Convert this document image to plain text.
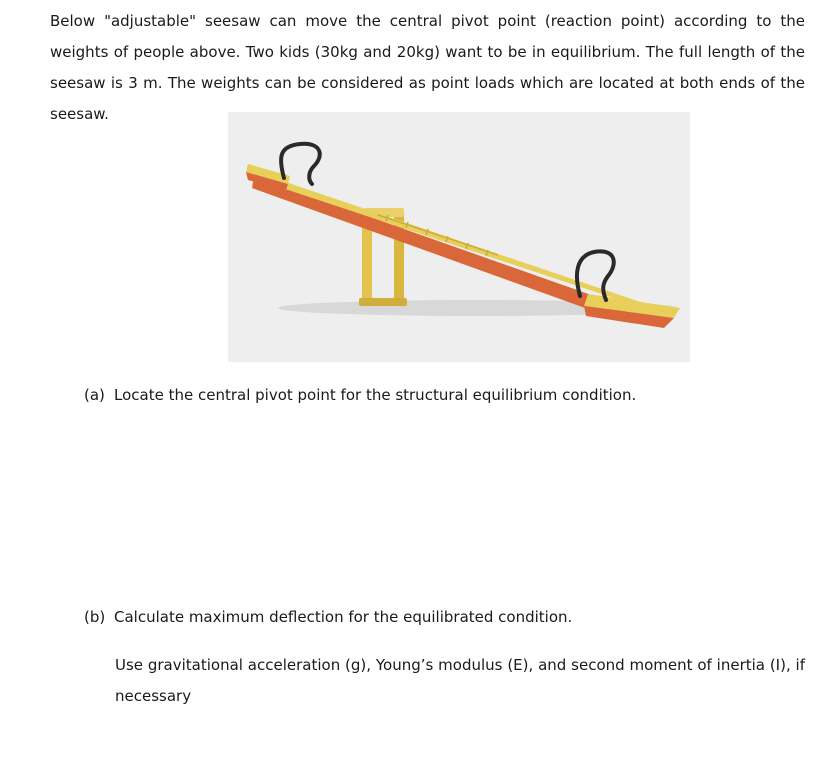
Below "adjustable" seesaw can move the central pivot point (reaction point) according to the weights of people above. Two kids (30kg and 20kg) want to be in equilibrium. The full length of the seesaw is 3 m. The weights can be considered as point loads which are located at both ends of the seesaw.

(a) Locate the central pivot point for the structural equilibrium condition.

(b) Calculate maximum deflection for the equilibrated condition.

Use gravitational acceleration (g), Young’s modulus (E), and second moment of inertia (I), if necessary
